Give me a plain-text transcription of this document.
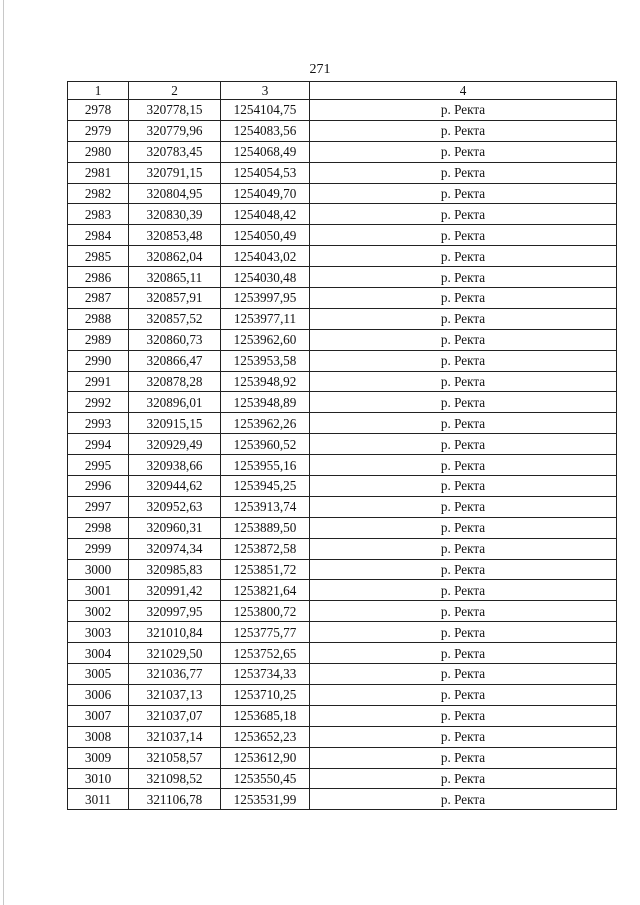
271
1	2	3	4
2978	320778,15	1254104,75	р. Ректа
2979	320779,96	1254083,56	р. Ректа
2980	320783,45	1254068,49	р. Ректа
2981	320791,15	1254054,53	р. Ректа
2982	320804,95	1254049,70	р. Ректа
2983	320830,39	1254048,42	р. Ректа
2984	320853,48	1254050,49	р. Ректа
2985	320862,04	1254043,02	р. Ректа
2986	320865,11	1254030,48	р. Ректа
2987	320857,91	1253997,95	р. Ректа
2988	320857,52	1253977,11	р. Ректа
2989	320860,73	1253962,60	р. Ректа
2990	320866,47	1253953,58	р. Ректа
2991	320878,28	1253948,92	р. Ректа
2992	320896,01	1253948,89	р. Ректа
2993	320915,15	1253962,26	р. Ректа
2994	320929,49	1253960,52	р. Ректа
2995	320938,66	1253955,16	р. Ректа
2996	320944,62	1253945,25	р. Ректа
2997	320952,63	1253913,74	р. Ректа
2998	320960,31	1253889,50	р. Ректа
2999	320974,34	1253872,58	р. Ректа
3000	320985,83	1253851,72	р. Ректа
3001	320991,42	1253821,64	р. Ректа
3002	320997,95	1253800,72	р. Ректа
3003	321010,84	1253775,77	р. Ректа
3004	321029,50	1253752,65	р. Ректа
3005	321036,77	1253734,33	р. Ректа
3006	321037,13	1253710,25	р. Ректа
3007	321037,07	1253685,18	р. Ректа
3008	321037,14	1253652,23	р. Ректа
3009	321058,57	1253612,90	р. Ректа
3010	321098,52	1253550,45	р. Ректа
3011	321106,78	1253531,99	р. Ректа
